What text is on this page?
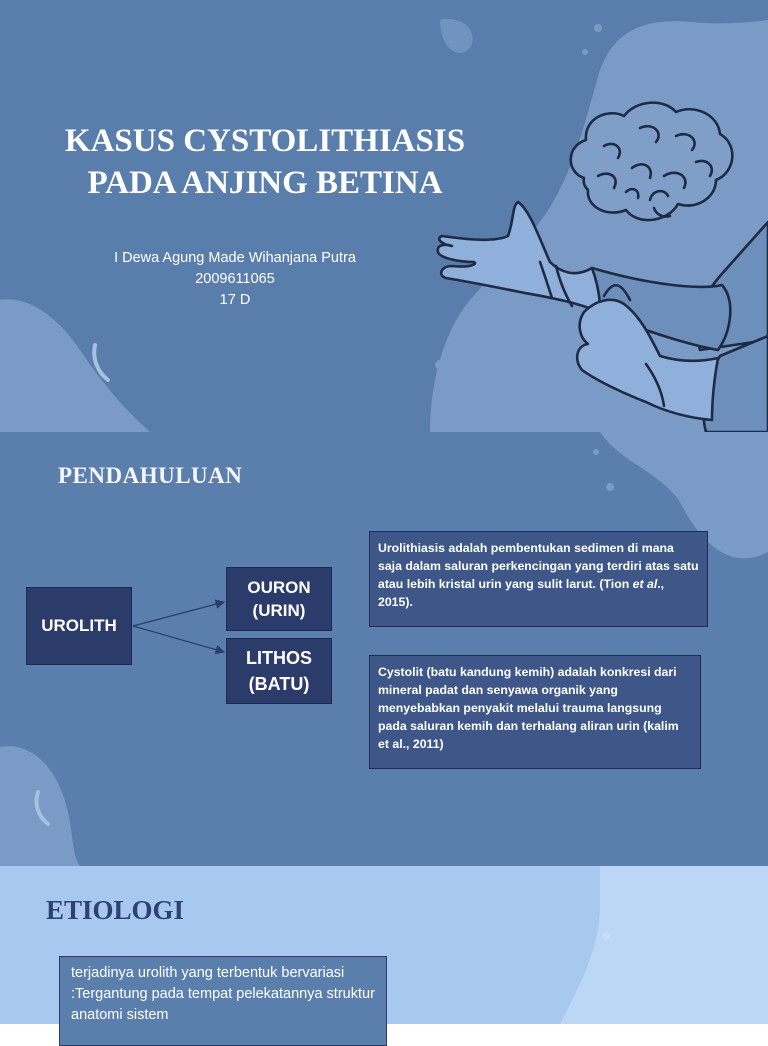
KASUS CYSTOLITHIASIS
PADA ANJING BETINA
I Dewa Agung Made Wihanjana Putra
2009611065
17 D
PENDAHULUAN
UROLITH
OURON
(URIN)
LITHOS
(BATU)
Urolithiasis adalah pembentukan sedimen di mana saja dalam saluran perkencingan yang terdiri atas satu atau lebih kristal urin yang sulit larut. (Tion et al., 2015).
Cystolit (batu kandung kemih) adalah konkresi dari mineral padat dan senyawa organik yang menyebabkan penyakit melalui trauma langsung pada saluran kemih dan terhalang aliran urin (kalim et al., 2011)
ETIOLOGI
terjadinya urolith yang terbentuk bervariasi :Tergantung pada tempat pelekatannya struktur anatomi sistem
